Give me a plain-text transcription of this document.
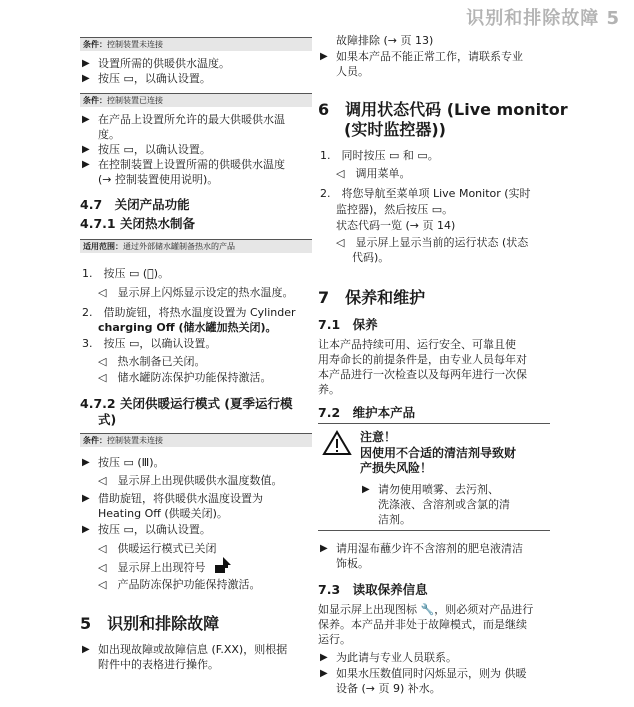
识别和排除故障 5
条件：控制装置未连接
▶ 设置所需的供暖供水温度。
▶ 按压 ▭，以确认设置。
条件：控制装置已连接
▶ 在产品上设置所允许的最大供暖供水温
度。
▶ 按压 ▭，以确认设置。
▶ 在控制装置上设置所需的供暖供水温度
(→ 控制装置使用说明)。
4.7　关闭产品功能
4.7.1 关闭热水制备
适用范围：通过外部储水罐制备热水的产品
1.　按压 ▭ (⌒̈)。
◁　显示屏上闪烁显示设定的热水温度。
2.　借助旋钮，将热水温度设置为 Cylinder
charging Off (储水罐加热关闭)。
3.　按压 ▭，以确认设置。
◁　热水制备已关闭。
◁　储水罐防冻保护功能保持激活。
4.7.2 关闭供暖运行模式 (夏季运行模
式)
条件：控制装置未连接
▶ 按压 ▭ (Ⅲ)。
◁　显示屏上出现供暖供水温度数值。
▶ 借助旋钮，将供暖供水温度设置为
Heating Off (供暖关闭)。
▶ 按压 ▭，以确认设置。
◁　供暖运行模式已关闭
◁　显示屏上出现符号
◁　产品防冻保护功能保持激活。
5　识别和排除故障
▶ 如出现故障或故障信息 (F.XX)，则根据
附件中的表格进行操作。
故障排除 (→ 页 13)
▶ 如果本产品不能正常工作，请联系专业
人员。
6　调用状态代码 (Live monitor
(实时监控器))
1.　同时按压 ▭ 和 ▭。
◁　调用菜单。
2.　将您导航至菜单项 Live Monitor (实时
监控器)，然后按压 ▭。
状态代码一览 (→ 页 14)
◁　显示屏上显示当前的运行状态 (状态
代码)。
7　保养和维护
7.1　保养
让本产品持续可用、运行安全、可靠且使
用寿命长的前提条件是，由专业人员每年对
本产品进行一次检查以及每两年进行一次保
养。
7.2　维护本产品
注意！
因使用不合适的清洁剂导致财
产损失风险！
▶ 请勿使用喷雾、去污剂、
洗涤液、含溶剂或含氯的清
洁剂。
▶ 请用湿布蘸少许不含溶剂的肥皂液清洁
饰板。
7.3　读取保养信息
如显示屏上出现图标 🔧，则必须对产品进行
保养。本产品并非处于故障模式，而是继续
运行。
▶ 为此请与专业人员联系。
▶ 如果水压数值同时闪烁显示，则为 供暖
设备 (→ 页 9) 补水。
